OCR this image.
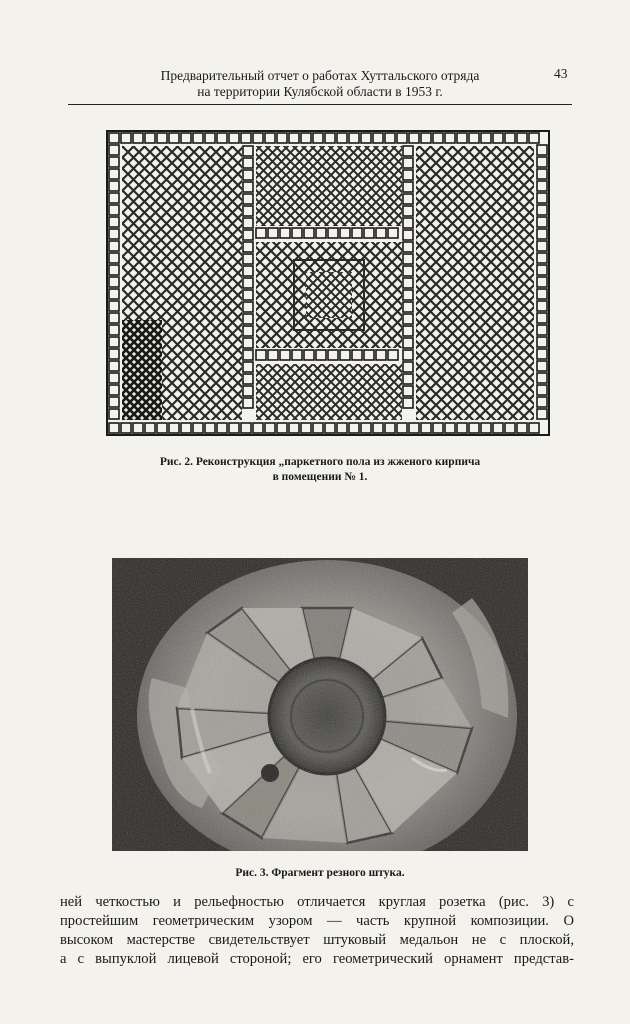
Предварительный отчет о работах Хуттальского отряда
на территории Кулябской области в 1953 г.
43
Рис. 2. Реконструкция „паркетного пола из жженого кирпича
в помещении № 1.
Рис. 3. Фрагмент резного штука.
ней четкостью и рельефностью отличается круглая розетка (рис. 3) с
простейшим геометрическим узором — часть крупной композиции. О
высоком мастерстве свидетельствует штуковый медальон не с плоской,
а с выпуклой лицевой стороной; его геометрический орнамент представ-
